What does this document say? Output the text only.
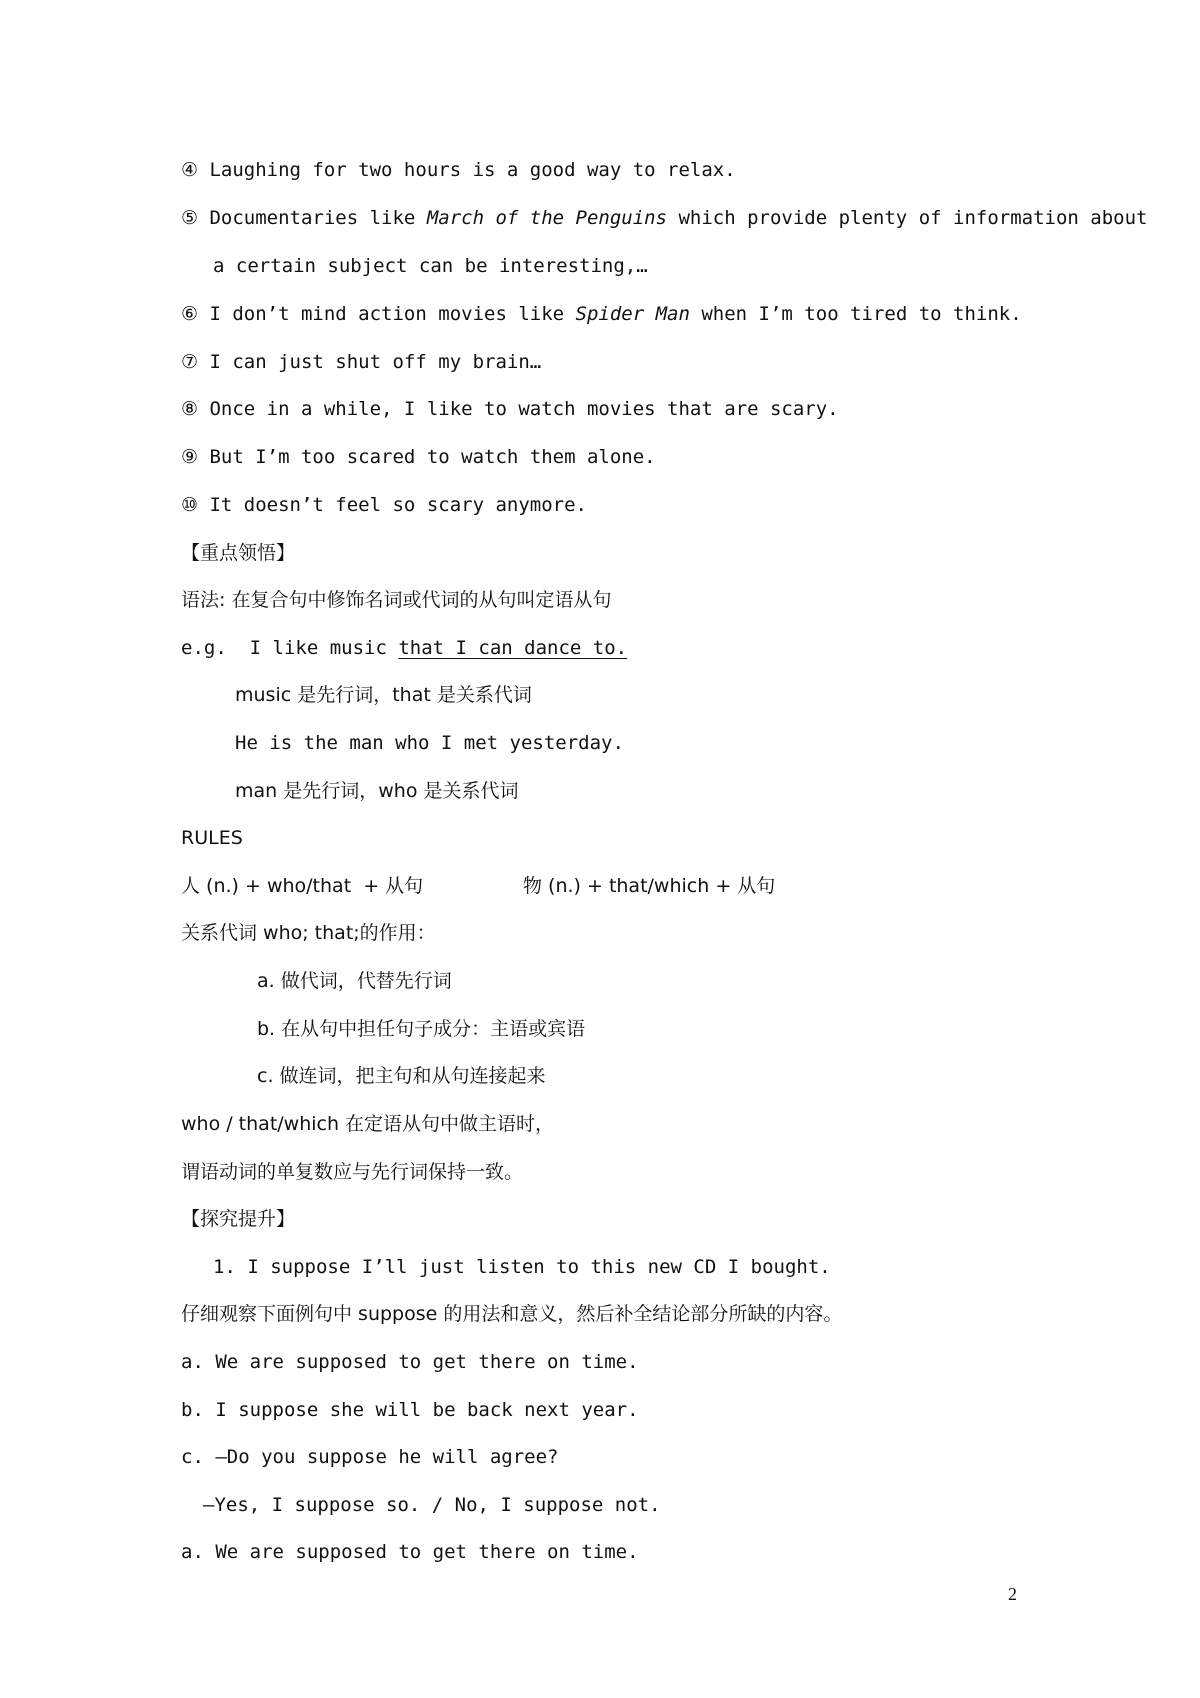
④ Laughing for two hours is a good way to relax.
⑤ Documentaries like March of the Penguins which provide plenty of information about
a certain subject can be interesting,…
⑥ I don’t mind action movies like Spider Man when I’m too tired to think.
⑦ I can just shut off my brain…
⑧ Once in a while, I like to watch movies that are scary.
⑨ But I’m too scared to watch them alone.
⑩ It doesn’t feel so scary anymore.
【重点领悟】
语法: 在复合句中修饰名词或代词的从句叫定语从句
e.g.  I like music that I can dance to.
music 是先行词，that 是关系代词
He is the man who I met yesterday.
man 是先行词，who 是关系代词
RULES
人 (n.) + who/that  + 从句	物 (n.) + that/which + 从句
关系代词 who; that;的作用：
a. 做代词，代替先行词
b. 在从句中担任句子成分：主语或宾语
c. 做连词，把主句和从句连接起来
who / that/which 在定语从句中做主语时，
谓语动词的单复数应与先行词保持一致。
【探究提升】
1. I suppose I’ll just listen to this new CD I bought.
仔细观察下面例句中 suppose 的用法和意义，然后补全结论部分所缺的内容。
a. We are supposed to get there on time.
b. I suppose she will be back next year.
c. —Do you suppose he will agree?
—Yes, I suppose so. / No, I suppose not.
a. We are supposed to get there on time.
2
